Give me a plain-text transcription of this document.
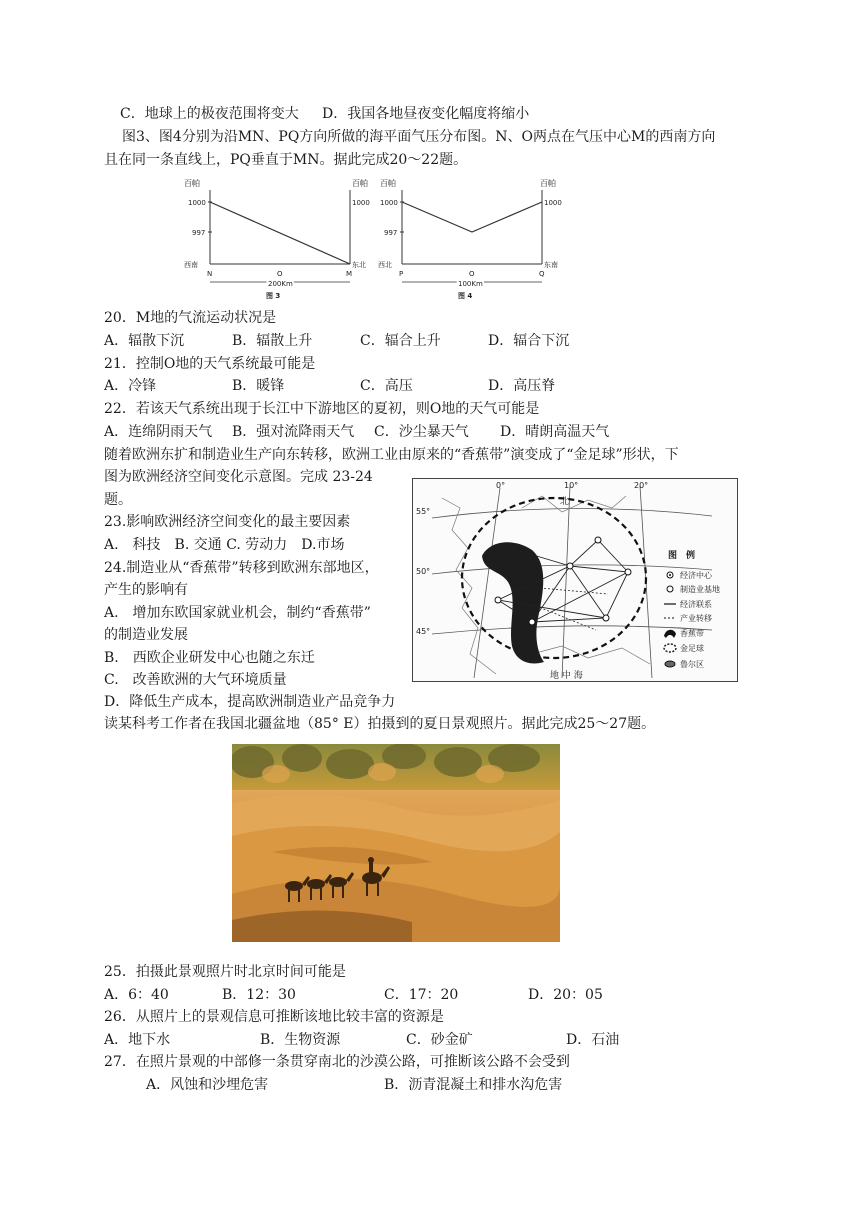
C．地球上的极夜范围将变大 D．我国各地昼夜变化幅度将缩小
图3、图4分别为沿MN、PQ方向所做的海平面气压分布图。N、O两点在气压中心M的西南方向
且在同一条直线上，PQ垂直于MN。据此完成20～22题。
百帕	百帕
1000	1000
997
西南	东北
N	O	M
200Km
图 3
百帕	百帕
1000	1000
997
西北	东南
P	O	Q
100Km
图 4
20．M地的气流运动状况是
A．辐散下沉	B．辐散上升	C．辐合上升	D．辐合下沉
21．控制O地的天气系统最可能是
A．冷锋	B．暖锋	C．高压	D．高压脊
22．若该天气系统出现于长江中下游地区的夏初，则O地的天气可能是
A．连绵阴雨天气 B．强对流降雨天气 C．沙尘暴天气 D．晴朗高温天气
随着欧洲东扩和制造业生产向东转移，欧洲工业由原来的“香蕉带”演变成了“金足球”形状，下
图为欧洲经济空间变化示意图。完成 23-24
题。
23.影响欧洲经济空间变化的最主要因素
A.　科技　B. 交通 C. 劳动力　D.市场
24.制造业从“香蕉带”转移到欧洲东部地区，
产生的影响有
A.　增加东欧国家就业机会，制约“香蕉带”
的制造业发展
B.　西欧企业研发中心也随之东迁
C.　改善欧洲的大气环境质量
D．降低生产成本，提高欧洲制造业产品竞争力
0°	10°	20°
55°
50°
45°
北
地 中 海
图　例
经济中心
制造业基地
经济联系
产业转移
香蕉带
金足球
鲁尔区
读某科考工作者在我国北疆盆地（85° E）拍摄到的夏日景观照片。据此完成25～27题。
25．拍摄此景观照片时北京时间可能是
A．6：40	B．12：30	C．17：20	D．20：05
26．从照片上的景观信息可推断该地比较丰富的资源是
A．地下水	B．生物资源	C．砂金矿	D．石油
27．在照片景观的中部修一条贯穿南北的沙漠公路，可推断该公路不会受到
A．风蚀和沙埋危害	B．沥青混凝土和排水沟危害
